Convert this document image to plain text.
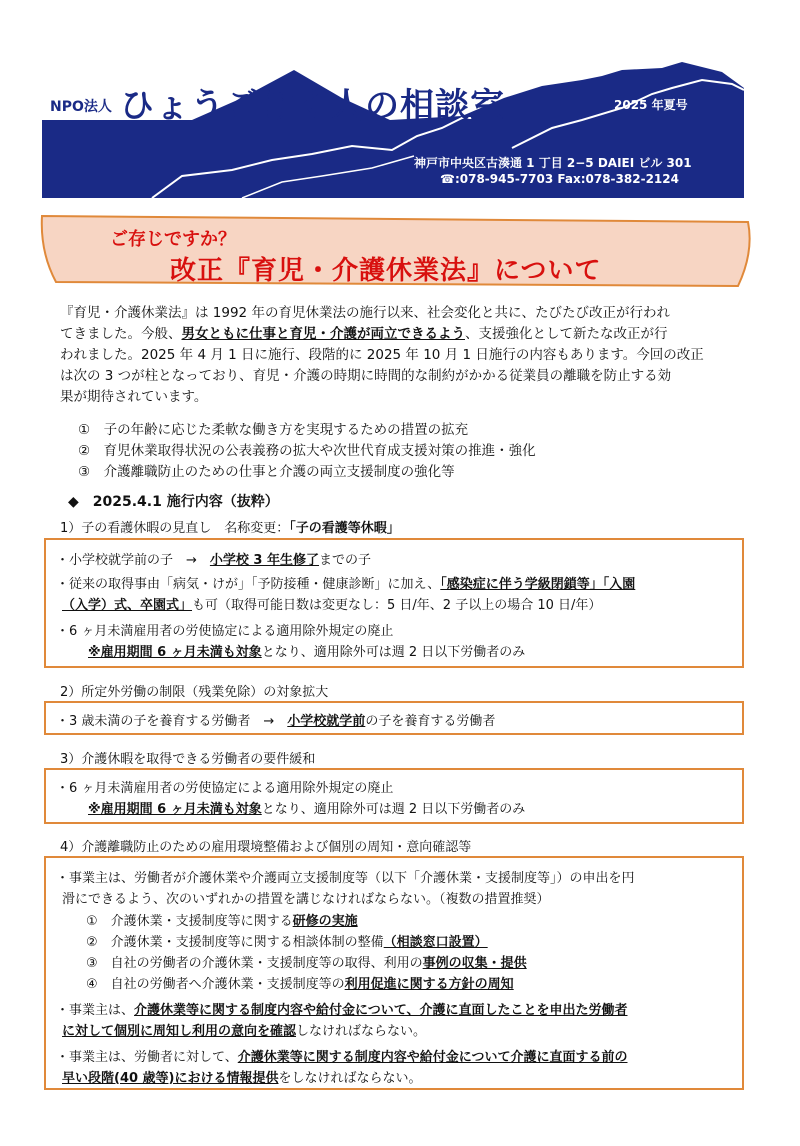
NPO法人 ひょうご働く人の相談室	2025 年夏号
神戸市中央区古湊通 1 丁目 2−5 DAIEI ビル 301
☎:078-945-7703 Fax:078-382-2124
ご存じですか？
改正『育児・介護休業法』について
『育児・介護休業法』は 1992 年の育児休業法の施行以来、社会変化と共に、たびたび改正が行われ
てきました。今般、男女ともに仕事と育児・介護が両立できるよう、支援強化として新たな改正が行
われました。2025 年 4 月 1 日に施行、段階的に 2025 年 10 月 1 日施行の内容もあります。今回の改正
は次の 3 つが柱となっており、育児・介護の時期に時間的な制約がかかる従業員の離職を防止する効
果が期待されています。
①　子の年齢に応じた柔軟な働き方を実現するための措置の拡充
②　育児休業取得状況の公表義務の拡大や次世代育成支援対策の推進・強化
③　介護離職防止のための仕事と介護の両立支援制度の強化等
◆　2025.4.1 施行内容（抜粋）
1）子の看護休暇の見直し　名称変更：「子の看護等休暇」
・小学校就学前の子　→　小学校 3 年生修了までの子
・従来の取得事由「病気・けが」「予防接種・健康診断」に加え、「感染症に伴う学級閉鎖等」「入園
（入学）式、卒園式」も可（取得可能日数は変更なし：5 日/年、2 子以上の場合 10 日/年）
・6 ヶ月未満雇用者の労使協定による適用除外規定の廃止
※雇用期間 6 ヶ月未満も対象となり、適用除外可は週 2 日以下労働者のみ
2）所定外労働の制限（残業免除）の対象拡大
・3 歳未満の子を養育する労働者　→　小学校就学前の子を養育する労働者
3）介護休暇を取得できる労働者の要件緩和
・6 ヶ月未満雇用者の労使協定による適用除外規定の廃止
※雇用期間 6 ヶ月未満も対象となり、適用除外可は週 2 日以下労働者のみ
4）介護離職防止のための雇用環境整備および個別の周知・意向確認等
・事業主は、労働者が介護休業や介護両立支援制度等（以下「介護休業・支援制度等」）の申出を円
滑にできるよう、次のいずれかの措置を講じなければならない。（複数の措置推奨）
①　介護休業・支援制度等に関する研修の実施
②　介護休業・支援制度等に関する相談体制の整備（相談窓口設置）
③　自社の労働者の介護休業・支援制度等の取得、利用の事例の収集・提供
④　自社の労働者へ介護休業・支援制度等の利用促進に関する方針の周知
・事業主は、介護休業等に関する制度内容や給付金について、介護に直面したことを申出た労働者
に対して個別に周知し利用の意向を確認しなければならない。
・事業主は、労働者に対して、介護休業等に関する制度内容や給付金について介護に直面する前の
早い段階(40 歳等)における情報提供をしなければならない。
